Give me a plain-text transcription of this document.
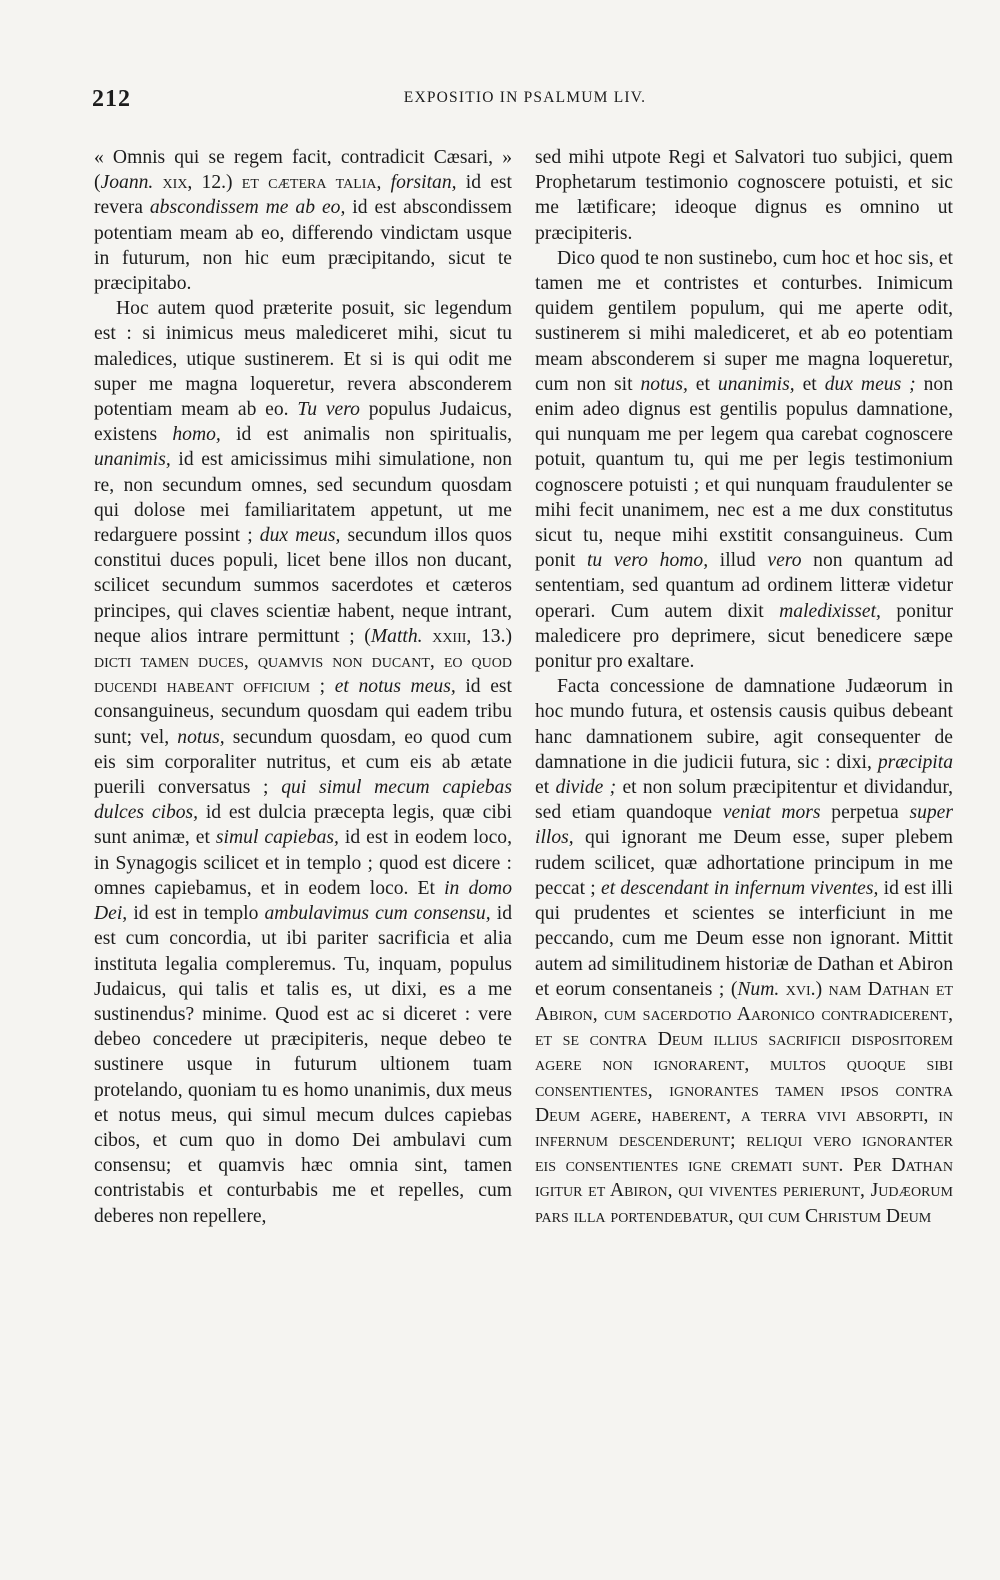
212	EXPOSITIO IN PSALMUM LIV.

« Omnis qui se regem facit, contradicit Cæsari, » (Joann. xix, 12.) et cætera talia, forsitan, id est revera abscondissem me ab eo, id est abscondissem potentiam meam ab eo, differendo vindictam usque in futurum, non hic eum præcipitando, sicut te præcipitabo.

Hoc autem quod præterite posuit, sic legendum est : si inimicus meus malediceret mihi, sicut tu maledices, utique sustinerem. Et si is qui odit me super me magna loqueretur, revera absconderem potentiam meam ab eo. Tu vero populus Judaicus, existens homo, id est animalis non spiritualis, unanimis, id est amicissimus mihi simulatione, non re, non secundum omnes, sed secundum quosdam qui dolose mei familiaritatem appetunt, ut me redarguere possint ; dux meus, secundum illos quos constitui duces populi, licet bene illos non ducant, scilicet secundum summos sacerdotes et cæteros principes, qui claves scientiæ habent, neque intrant, neque alios intrare permittunt ; (Matth. xxiii, 13.) dicti tamen duces, quamvis non ducant, eo quod ducendi habeant officium ; et notus meus, id est consanguineus, secundum quosdam qui eadem tribu sunt; vel, notus, secundum quosdam, eo quod cum eis sim corporaliter nutritus, et cum eis ab ætate puerili conversatus ; qui simul mecum capiebas dulces cibos, id est dulcia præcepta legis, quæ cibi sunt animæ, et simul capiebas, id est in eodem loco, in Synagogis scilicet et in templo ; quod est dicere : omnes capiebamus, et in eodem loco. Et in domo Dei, id est in templo ambulavimus cum consensu, id est cum concordia, ut ibi pariter sacrificia et alia instituta legalia compleremus. Tu, inquam, populus Judaicus, qui talis et talis es, ut dixi, es a me sustinendus? minime. Quod est ac si diceret : vere debeo concedere ut præcipiteris, neque debeo te sustinere usque in futurum ultionem tuam protelando, quoniam tu es homo unanimis, dux meus et notus meus, qui simul mecum dulces capiebas cibos, et cum quo in domo Dei ambulavi cum consensu; et quamvis hæc omnia sint, tamen contristabis et conturbabis me et repelles, cum deberes non repellere,

sed mihi utpote Regi et Salvatori tuo subjici, quem Prophetarum testimonio cognoscere potuisti, et sic me lætificare; ideoque dignus es omnino ut præcipiteris.

Dico quod te non sustinebo, cum hoc et hoc sis, et tamen me et contristes et conturbes. Inimicum quidem gentilem populum, qui me aperte odit, sustinerem si mihi malediceret, et ab eo potentiam meam absconderem si super me magna loqueretur, cum non sit notus, et unanimis, et dux meus ; non enim adeo dignus est gentilis populus damnatione, qui nunquam me per legem qua carebat cognoscere potuit, quantum tu, qui me per legis testimonium cognoscere potuisti ; et qui nunquam fraudulenter se mihi fecit unanimem, nec est a me dux constitutus sicut tu, neque mihi exstitit consanguineus. Cum ponit tu vero homo, illud vero non quantum ad sententiam, sed quantum ad ordinem litteræ videtur operari. Cum autem dixit maledixisset, ponitur maledicere pro deprimere, sicut benedicere sæpe ponitur pro exaltare.

Facta concessione de damnatione Judæorum in hoc mundo futura, et ostensis causis quibus debeant hanc damnationem subire, agit consequenter de damnatione in die judicii futura, sic : dixi, præcipita et divide ; et non solum præcipitentur et dividandur, sed etiam quandoque veniat mors perpetua super illos, qui ignorant me Deum esse, super plebem rudem scilicet, quæ adhortatione principum in me peccat ; et descendant in infernum viventes, id est illi qui prudentes et scientes se interficiunt in me peccando, cum me Deum esse non ignorant. Mittit autem ad similitudinem historiæ de Dathan et Abiron et eorum consentaneis ; (Num. xvi.) nam Dathan et Abiron, cum sacerdotio Aaronico contradicerent, et se contra Deum illius sacrificii dispositorem agere non ignorarent, multos quoque sibi consentientes, ignorantes tamen ipsos contra Deum agere, haberent, a terra vivi absorpti, in infernum descenderunt; reliqui vero ignoranter eis consentientes igne cremati sunt. Per Dathan igitur et Abiron, qui viventes perierunt, Judæorum pars illa portendebatur, qui cum Christum Deum
